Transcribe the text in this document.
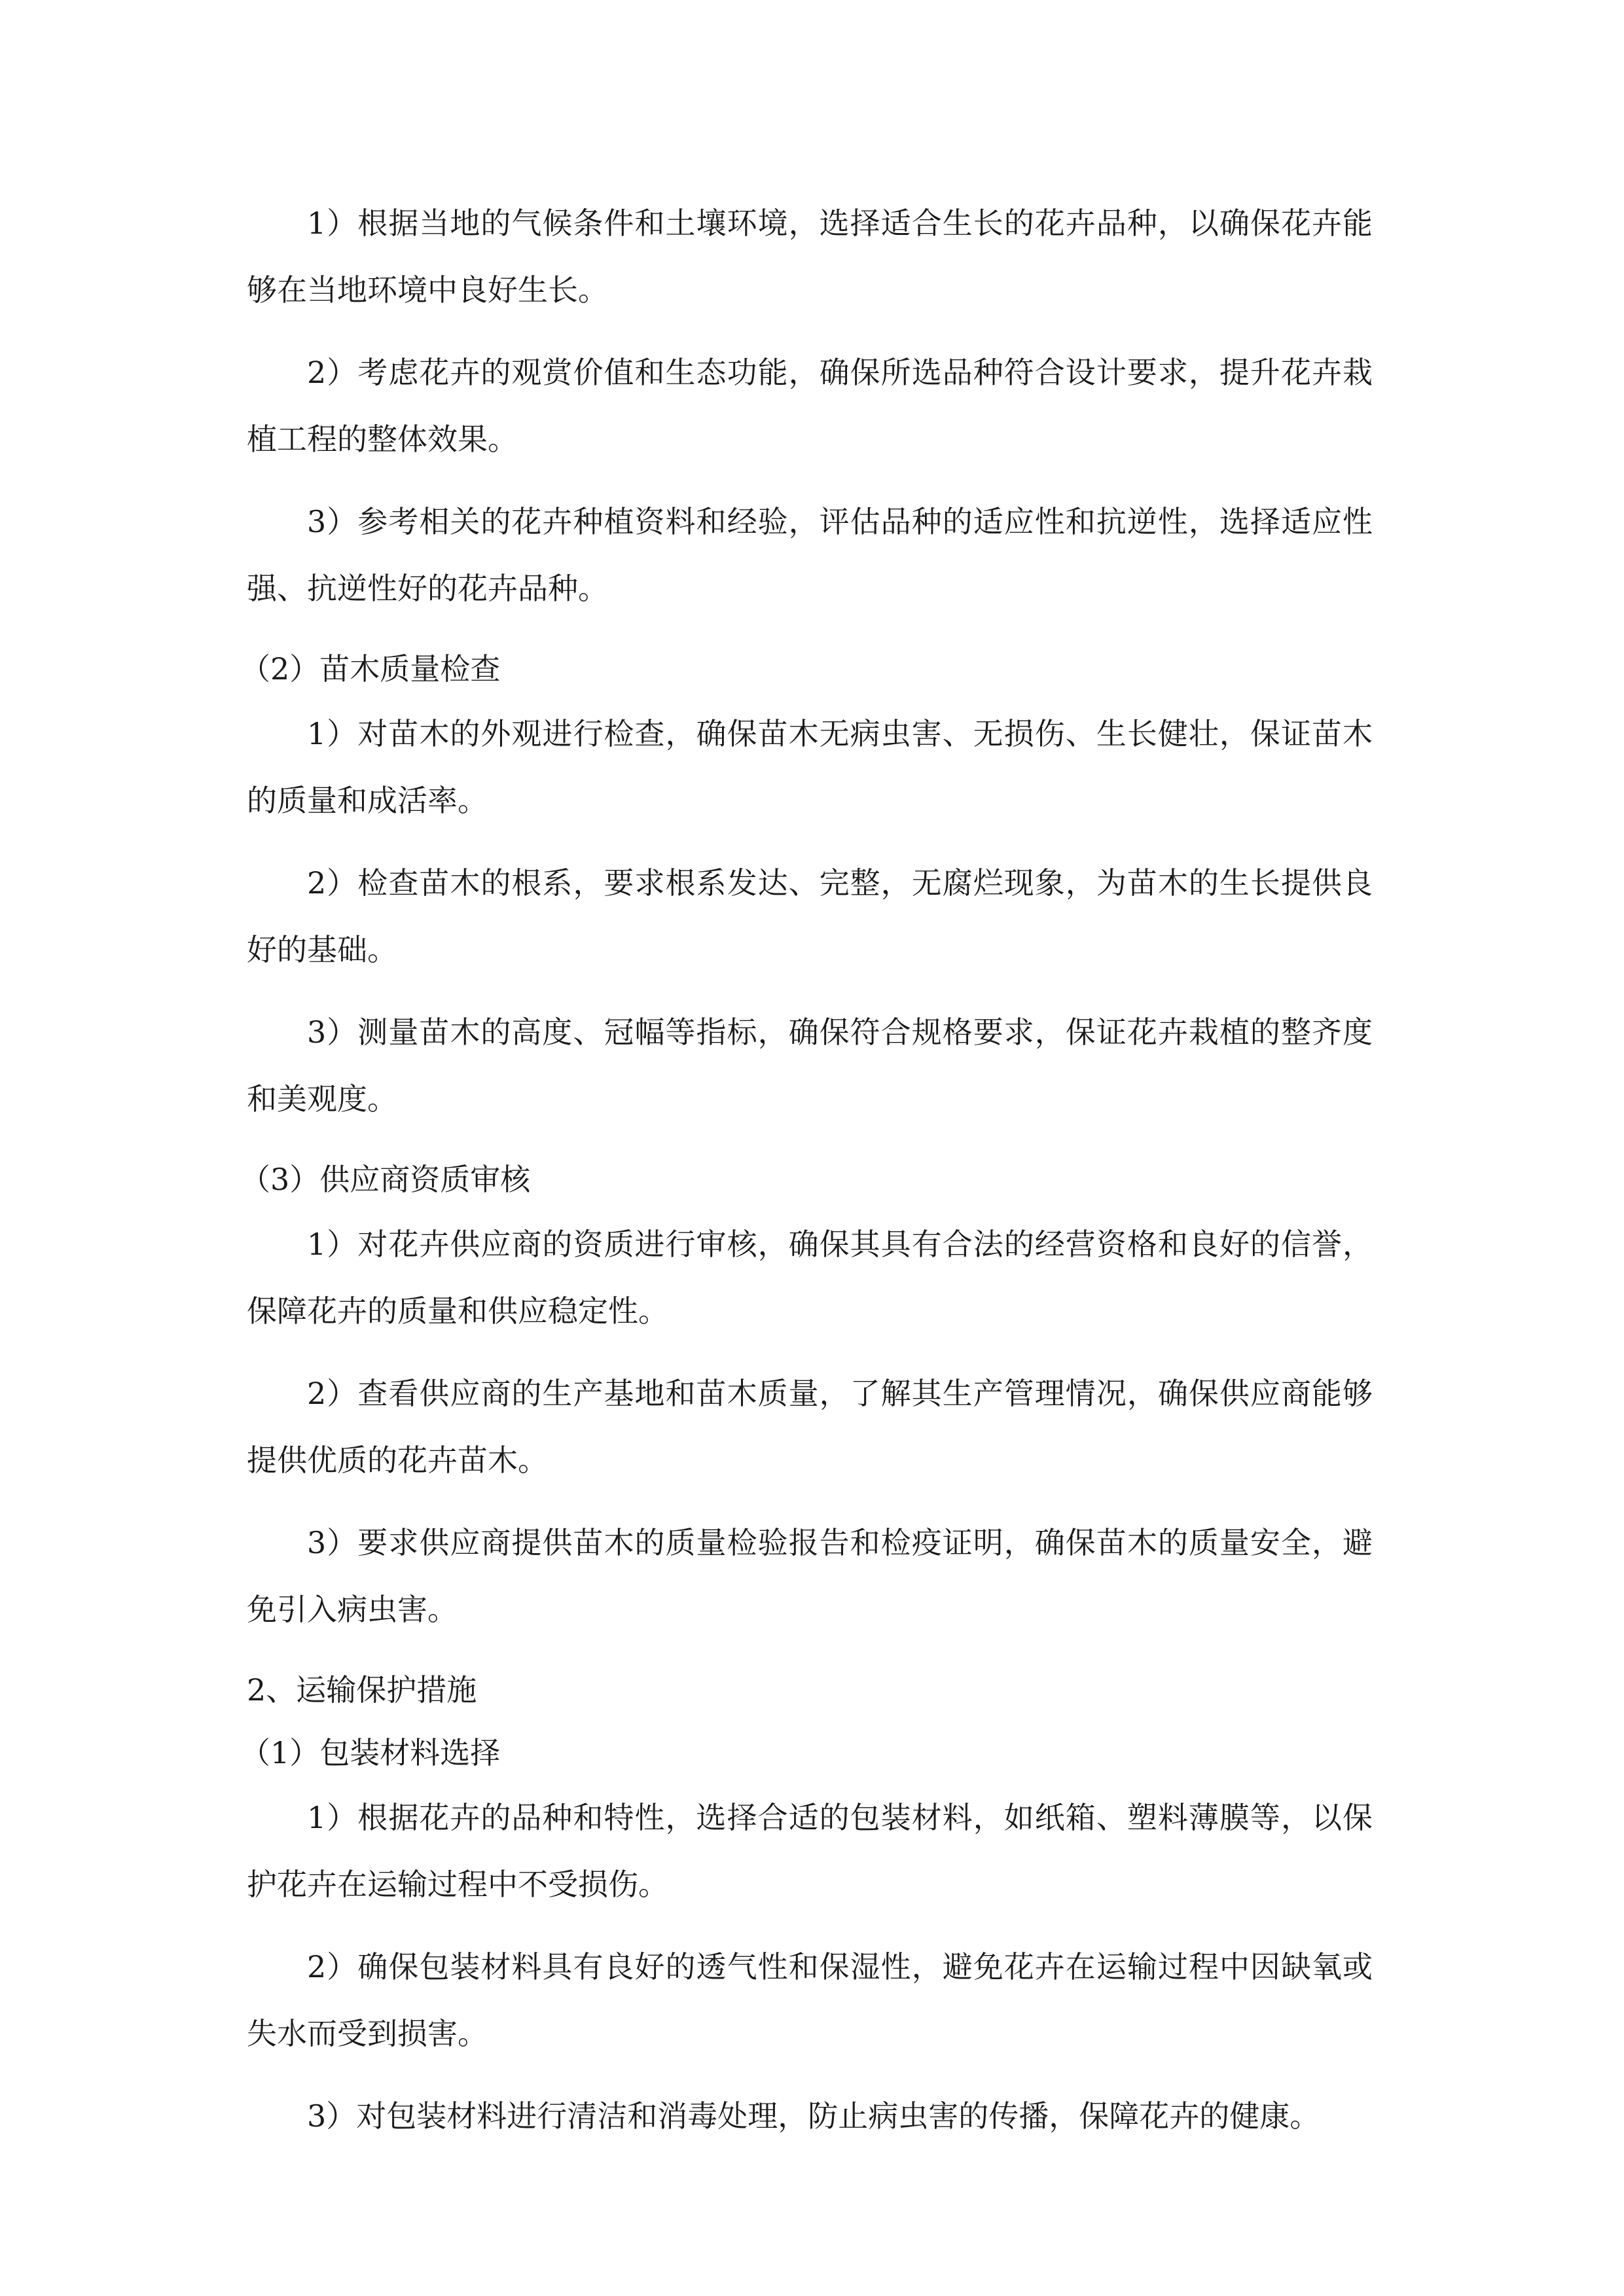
1）根据当地的气候条件和土壤环境，选择适合生长的花卉品种，以确保花卉能够在当地环境中良好生长。

2）考虑花卉的观赏价值和生态功能，确保所选品种符合设计要求，提升花卉栽植工程的整体效果。

3）参考相关的花卉种植资料和经验，评估品种的适应性和抗逆性，选择适应性强、抗逆性好的花卉品种。

（2）苗木质量检查

1）对苗木的外观进行检查，确保苗木无病虫害、无损伤、生长健壮，保证苗木的质量和成活率。

2）检查苗木的根系，要求根系发达、完整，无腐烂现象，为苗木的生长提供良好的基础。

3）测量苗木的高度、冠幅等指标，确保符合规格要求，保证花卉栽植的整齐度和美观度。

（3）供应商资质审核

1）对花卉供应商的资质进行审核，确保其具有合法的经营资格和良好的信誉，保障花卉的质量和供应稳定性。

2）查看供应商的生产基地和苗木质量，了解其生产管理情况，确保供应商能够提供优质的花卉苗木。

3）要求供应商提供苗木的质量检验报告和检疫证明，确保苗木的质量安全，避免引入病虫害。

2、运输保护措施

（1）包装材料选择

1）根据花卉的品种和特性，选择合适的包装材料，如纸箱、塑料薄膜等，以保护花卉在运输过程中不受损伤。

2）确保包装材料具有良好的透气性和保湿性，避免花卉在运输过程中因缺氧或失水而受到损害。

3）对包装材料进行清洁和消毒处理，防止病虫害的传播，保障花卉的健康。
